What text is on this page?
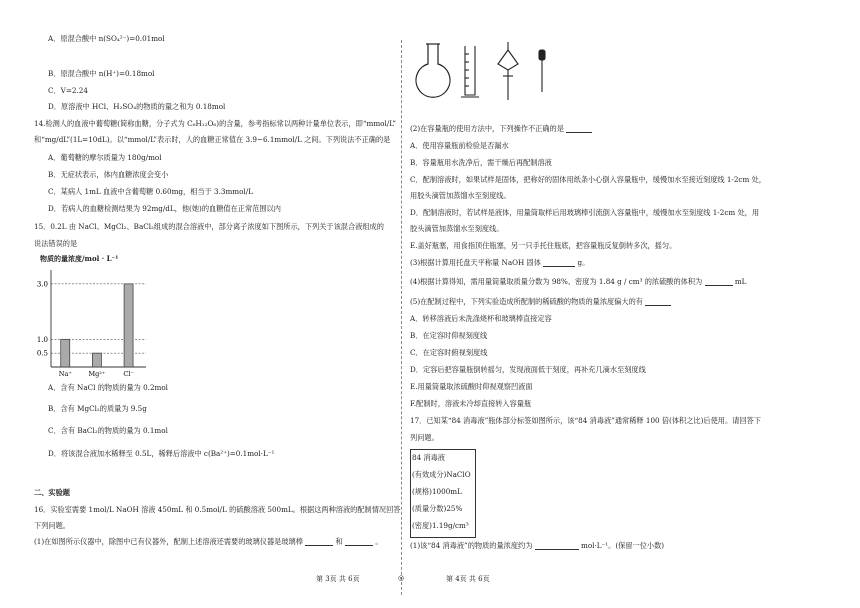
A．原混合酸中 n(SO₄²⁻)=0.01mol
B．原混合酸中 n(H⁺)=0.18mol
C．V=2.24
D．原溶液中 HCl、H₂SO₄的物质的量之和为 0.18mol
14.检测人的血液中葡萄糖(简称血糖，分子式为 C₆H₁₂O₆)的含量，参考指标常以两种计量单位表示，即“mmol/L”
和“mg/dL”(1L=10dL)。以“mmol/L”表示时，人的血糖正常值在 3.9~6.1mmol/L 之间。下列说法不正确的是
A．葡萄糖的摩尔质量为 180g/mol
B．无症状表示，体内血糖浓度会变小
C．某病人 1mL 血液中含葡萄糖 0.60mg，相当于 3.3mmol/L
D．若病人的血糖检测结果为 92mg/dL，他(她)的血糖值在正常范围以内
15．0.2L 由 NaCl、MgCl₂、BaCl₂组成的混合溶液中，部分离子浓度如下图所示，下列关于该混合液组成的
说法错误的是
物质的量浓度/mol · L⁻¹
0.5
1.0
3.0
Na⁺	Mg²⁺	Cl⁻
A．含有 NaCl 的物质的量为 0.2mol
B．含有 MgCl₂的质量为 9.5g
C．含有 BaCl₂的物质的量为 0.1mol
D．将该混合液加水稀释至 0.5L，稀释后溶液中 c(Ba²⁺)=0.1mol·L⁻¹
二、实验题
16．实验室需要 1mol/L NaOH 溶液 450mL 和 0.5mol/L 的硫酸溶液 500mL。根据这两种溶液的配制情况回答
下列问题。
(1)在如图所示仪器中，除图中已有仪器外，配制上述溶液还需要的玻璃仪器是玻璃棒	和	。
(2)在容量瓶的使用方法中，下列操作不正确的是
A．使用容量瓶前检验是否漏水
B．容量瓶用水洗净后，需干燥后再配制溶液
C．配制溶液时，如果试样是固体，把称好的固体用纸条小心倒入容量瓶中，缓慢加水至接近刻度线 1-2cm 处，
用胶头滴管加蒸馏水至刻度线。
D．配制溶液时，若试样是液体，用量筒取样后用玻璃棒引流倒入容量瓶中，缓慢加水至刻度线 1-2cm 处，用
胶头滴管加蒸馏水至刻度线。
E.盖好瓶塞，用食指顶住瓶塞，另一只手托住瓶底，把容量瓶反复倒转多次，摇匀。
(3)根据计算用托盘天平称量 NaOH 固体	g。
(4)根据计算得知，需用量筒量取质量分数为 98%、密度为 1.84 g / cm³ 的浓硫酸的体积为	mL
(5)在配制过程中，下列实验造成所配制的稀硫酸的物质的量浓度偏大的有
A．转移溶液后未洗涤烧杯和玻璃棒直接定容
B．在定容时仰视刻度线
C．在定容时俯视刻度线
D．定容后把容量瓶倒转摇匀，发现液面低于刻度，再补充几滴水至刻度线
E.用量筒量取浓硫酸时仰视观察凹液面
F.配制时，溶液未冷却直接转入容量瓶
17．已知某“84 消毒液”瓶体部分标签如图所示，该“84 消毒液”通常稀释 100 倍(体积之比)后使用。请回答下
列问题。
84 消毒液
(有效成分)NaClO
(规格)1000mL
(质量分数)25%
(密度)1.19g/cm³
(1)该“84 消毒液”的物质的量浓度约为	mol·L⁻¹。(保留一位小数)
第 3页 共 6页	◎	第 4页 共 6页
